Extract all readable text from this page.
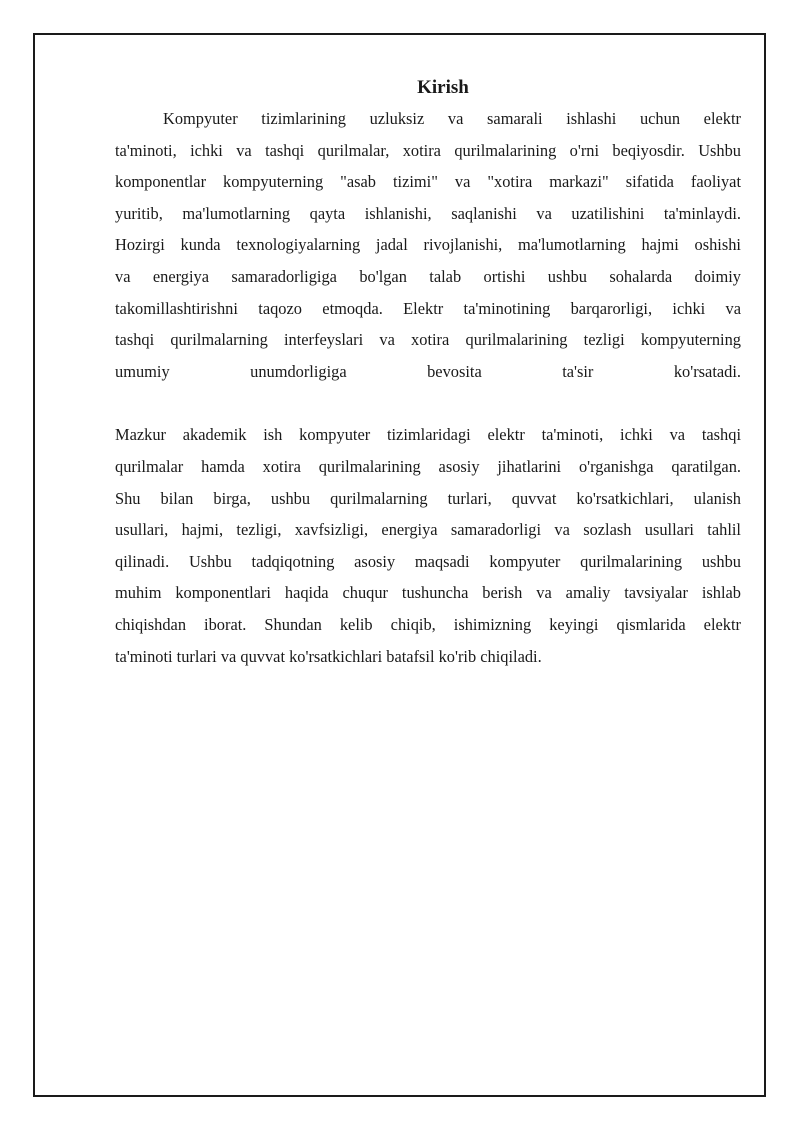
Kirish
Kompyuter tizimlarining uzluksiz va samarali ishlashi uchun elektr
ta'minoti, ichki va tashqi qurilmalar, xotira qurilmalarining o'rni beqiyosdir. Ushbu
komponentlar kompyuterning "asab tizimi" va "xotira markazi" sifatida faoliyat
yuritib, ma'lumotlarning qayta ishlanishi, saqlanishi va uzatilishini ta'minlaydi.
Hozirgi kunda texnologiyalarning jadal rivojlanishi, ma'lumotlarning hajmi oshishi
va energiya samaradorligiga bo'lgan talab ortishi ushbu sohalarda doimiy
takomillashtirishni taqozo etmoqda. Elektr ta'minotining barqarorligi, ichki va
tashqi qurilmalarning interfeyslari va xotira qurilmalarining tezligi kompyuterning
umumiy unumdorligiga bevosita ta'sir ko'rsatadi.
Mazkur akademik ish kompyuter tizimlaridagi elektr ta'minoti, ichki va tashqi
qurilmalar hamda xotira qurilmalarining asosiy jihatlarini o'rganishga qaratilgan.
Shu bilan birga, ushbu qurilmalarning turlari, quvvat ko'rsatkichlari, ulanish
usullari, hajmi, tezligi, xavfsizligi, energiya samaradorligi va sozlash usullari tahlil
qilinadi. Ushbu tadqiqotning asosiy maqsadi kompyuter qurilmalarining ushbu
muhim komponentlari haqida chuqur tushuncha berish va amaliy tavsiyalar ishlab
chiqishdan iborat. Shundan kelib chiqib, ishimizning keyingi qismlarida elektr
ta'minoti turlari va quvvat ko'rsatkichlari batafsil ko'rib chiqiladi.
